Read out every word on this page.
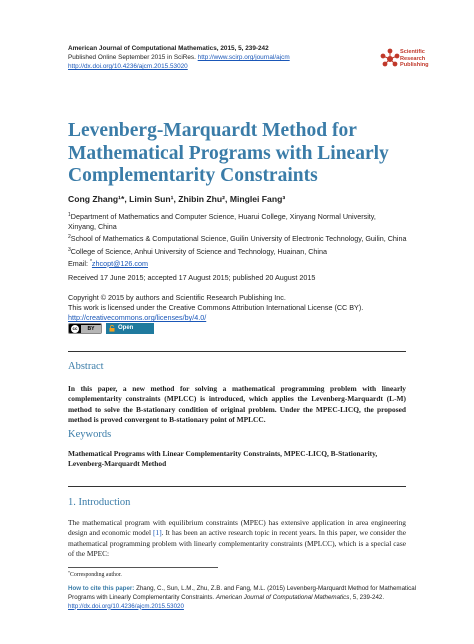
American Journal of Computational Mathematics, 2015, 5, 239-242
Published Online September 2015 in SciRes. http://www.scirp.org/journal/ajcm
http://dx.doi.org/10.4236/ajcm.2015.53020
Scientific
Research
Publishing
Levenberg-Marquardt Method for Mathematical Programs with Linearly Complementarity Constraints
Cong Zhang¹*, Limin Sun¹, Zhibin Zhu², Minglei Fang³
$^1$Department of Mathematics and Computer Science, Huarui College, Xinyang Normal University,
Xinyang, China
$^2$School of Mathematics & Computational Science, Guilin University of Electronic Technology, Guilin, China
$^3$College of Science, Anhui University of Science and Technology, Huainan, China
Email: *zhcopt@126.com
Received 17 June 2015; accepted 17 August 2015; published 20 August 2015
Copyright © 2015 by authors and Scientific Research Publishing Inc.
This work is licensed under the Creative Commons Attribution International License (CC BY).
http://creativecommons.org/licenses/by/4.0/
cc	BY	Open Access
Abstract

In this paper, a new method for solving a mathematical programming problem with linearly complementarity constraints (MPLCC) is introduced, which applies the Levenberg-Marquardt (L-M) method to solve the B-stationary condition of original problem. Under the MPEC-LICQ, the proposed method is proved convergent to B-stationary point of MPLCC.

Keywords

Mathematical Programs with Linear Complementarity Constraints, MPEC-LICQ, B-Stationarity, Levenberg-Marquardt Method

1. Introduction

The mathematical program with equilibrium constraints (MPEC) has extensive application in area engineering design and economic model [1]. It has been an active research topic in recent years. In this paper, we consider the mathematical programming problem with linearly complementarity constraints (MPLCC), which is a special case of the MPEC:

*Corresponding author.
How to cite this paper: Zhang, C., Sun, L.M., Zhu, Z.B. and Fang, M.L. (2015) Levenberg-Marquardt Method for Mathematical Programs with Linearly Complementarity Constraints. American Journal of Computational Mathematics, 5, 239-242.
http://dx.doi.org/10.4236/ajcm.2015.53020
